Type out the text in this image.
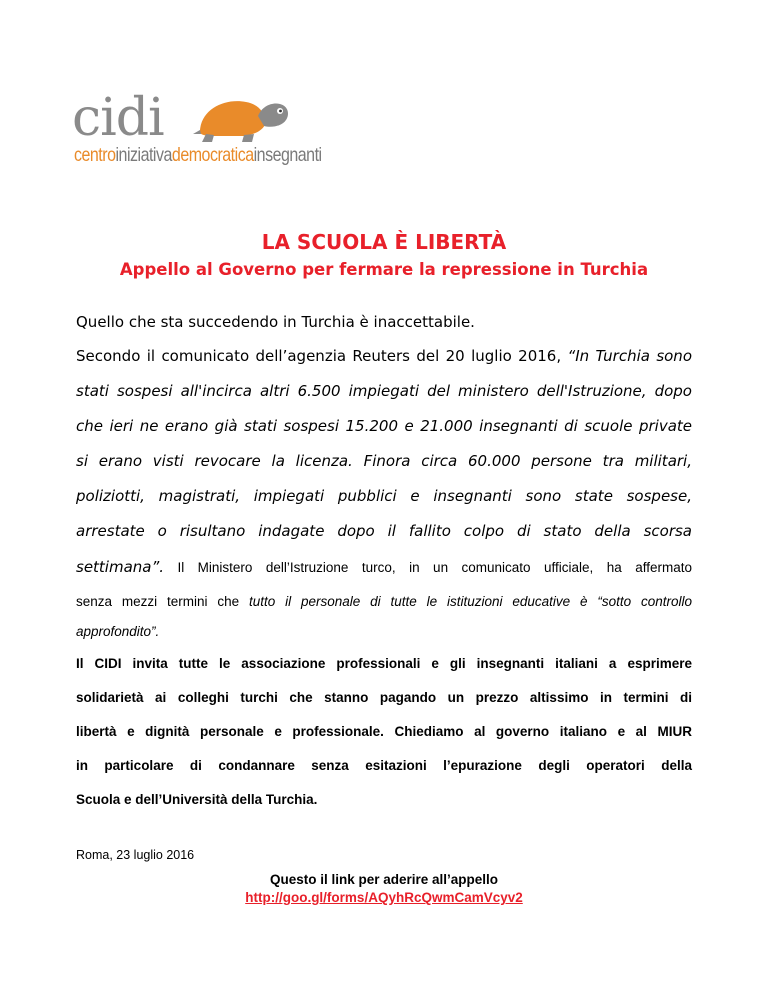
cidi
centroiniziativademocraticainsegnanti
LA SCUOLA È LIBERTÀ
Appello al Governo per fermare la repressione in Turchia
Quello che sta succedendo in Turchia è inaccettabile.
Secondo il comunicato dell’agenzia Reuters del 20 luglio 2016, “In Turchia sono
stati sospesi all'incirca altri 6.500 impiegati del ministero dell'Istruzione, dopo
che ieri ne erano già stati sospesi 15.200 e 21.000 insegnanti di scuole private
si erano visti revocare la licenza. Finora circa 60.000 persone tra militari,
poliziotti, magistrati, impiegati pubblici e insegnanti sono state sospese,
arrestate o risultano indagate dopo il fallito colpo di stato della scorsa
settimana”. Il Ministero dell’Istruzione turco, in un comunicato ufficiale, ha affermato
senza mezzi termini che tutto il personale di tutte le istituzioni educative è “sotto controllo
approfondito”.
Il CIDI invita tutte le associazione professionali e gli insegnanti italiani a esprimere
solidarietà ai colleghi turchi che stanno pagando un prezzo altissimo in termini di
libertà e dignità personale e professionale. Chiediamo al governo italiano e al MIUR
in particolare di condannare senza esitazioni l’epurazione degli operatori della
Scuola e dell’Università della Turchia.
Roma, 23 luglio 2016
Questo il link per aderire all’appello
http://goo.gl/forms/AQyhRcQwmCamVcyv2
